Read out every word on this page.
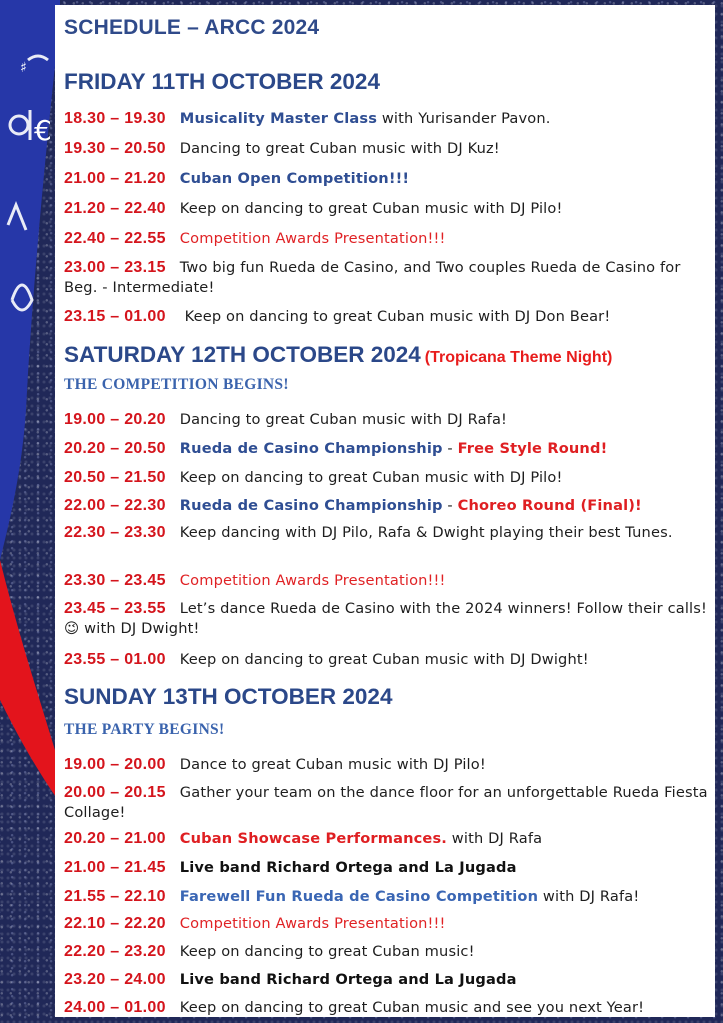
♯
€
SCHEDULE – ARCC 2024
FRIDAY 11TH OCTOBER 2024
18.30 – 19.30 Musicality Master Class with Yurisander Pavon.
19.30 – 20.50 Dancing to great Cuban music with DJ Kuz!
21.00 – 21.20 Cuban Open Competition!!!
21.20 – 22.40 Keep on dancing to great Cuban music with DJ Pilo!
22.40 – 22.55 Competition Awards Presentation!!!
23.00 – 23.15 Two big fun Rueda de Casino, and Two couples Rueda de Casino for Beg. - Intermediate!
23.15 – 01.00 Keep on dancing to great Cuban music with DJ Don Bear!
SATURDAY 12TH OCTOBER 2024 (Tropicana Theme Night)
THE COMPETITION BEGINS!
19.00 – 20.20 Dancing to great Cuban music with DJ Rafa!
20.20 – 20.50 Rueda de Casino Championship - Free Style Round!
20.50 – 21.50 Keep on dancing to great Cuban music with DJ Pilo!
22.00 – 22.30 Rueda de Casino Championship - Choreo Round (Final)!
22.30 – 23.30 Keep dancing with DJ Pilo, Rafa & Dwight playing their best Tunes.
23.30 – 23.45 Competition Awards Presentation!!!
23.45 – 23.55 Let’s dance Rueda de Casino with the 2024 winners! Follow their calls! 😉 with DJ Dwight!
23.55 – 01.00 Keep on dancing to great Cuban music with DJ Dwight!
SUNDAY 13TH OCTOBER 2024
THE PARTY BEGINS!
19.00 – 20.00 Dance to great Cuban music with DJ Pilo!
20.00 – 20.15 Gather your team on the dance floor for an unforgettable Rueda Fiesta Collage!
20.20 – 21.00 Cuban Showcase Performances. with DJ Rafa
21.00 – 21.45 Live band Richard Ortega and La Jugada
21.55 – 22.10 Farewell Fun Rueda de Casino Competition with DJ Rafa!
22.10 – 22.20 Competition Awards Presentation!!!
22.20 – 23.20 Keep on dancing to great Cuban music!
23.20 – 24.00 Live band Richard Ortega and La Jugada
24.00 – 01.00 Keep on dancing to great Cuban music and see you next Year!
